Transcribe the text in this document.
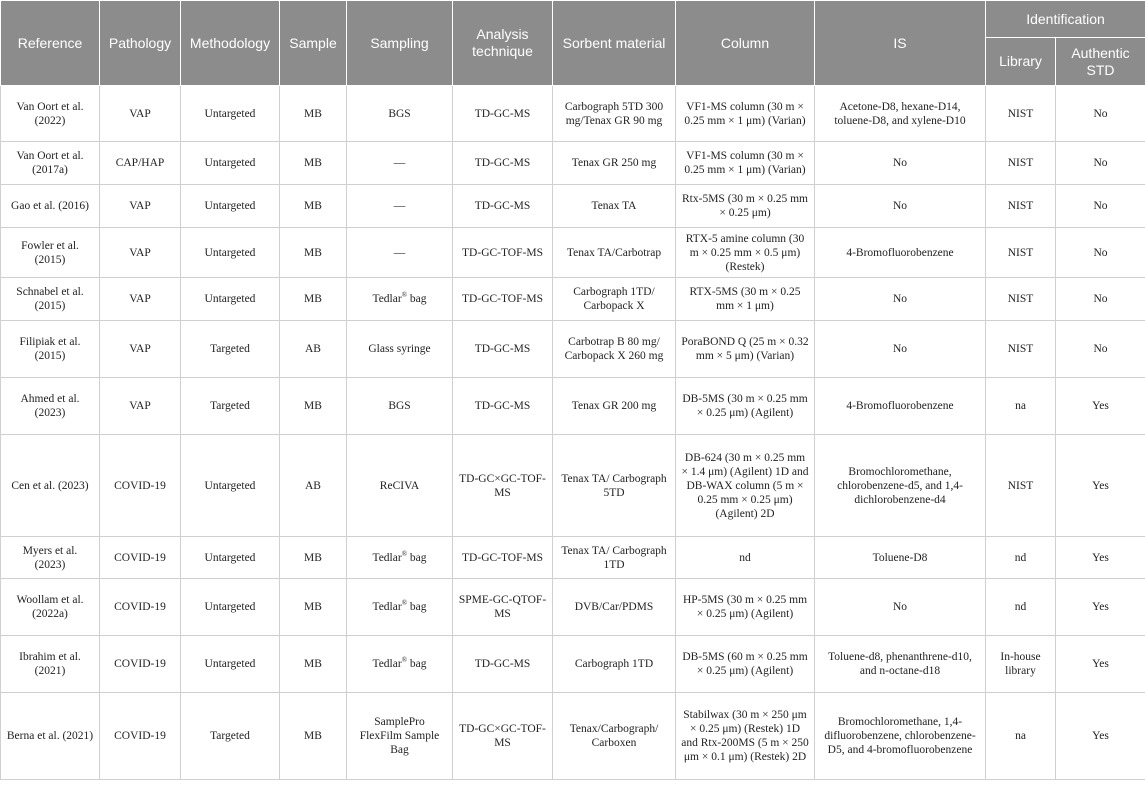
Reference	Pathology	Methodology	Sample	Sampling	Analysis technique	Sorbent material	Column	IS	Identification	
									Library	Authentic STD
Van Oort et al. (2022)	VAP	Untargeted	MB	BGS	TD-GC-MS	Carbograph 5TD 300 mg/Tenax GR 90 mg	VF1-MS column (30 m × 0.25 mm × 1 μm) (Varian)	Acetone-D8, hexane-D14, toluene-D8, and xylene-D10	NIST	No
Van Oort et al. (2017a)	CAP/HAP	Untargeted	MB	—	TD-GC-MS	Tenax GR 250 mg	VF1-MS column (30 m × 0.25 mm × 1 μm) (Varian)	No	NIST	No
Gao et al. (2016)	VAP	Untargeted	MB	—	TD-GC-MS	Tenax TA	Rtx-5MS (30 m × 0.25 mm × 0.25 μm)	No	NIST	No
Fowler et al. (2015)	VAP	Untargeted	MB	—	TD-GC-TOF-MS	Tenax TA/Carbotrap	RTX-5 amine column (30 m × 0.25 mm × 0.5 μm) (Restek)	4-Bromofluorobenzene	NIST	No
Schnabel et al. (2015)	VAP	Untargeted	MB	Tedlar® bag	TD-GC-TOF-MS	Carbograph 1TD/ Carbopack X	RTX-5MS (30 m × 0.25 mm × 1 μm)	No	NIST	No
Filipiak et al. (2015)	VAP	Targeted	AB	Glass syringe	TD-GC-MS	Carbotrap B 80 mg/ Carbopack X 260 mg	PoraBOND Q (25 m × 0.32 mm × 5 μm) (Varian)	No	NIST	No
Ahmed et al. (2023)	VAP	Targeted	MB	BGS	TD-GC-MS	Tenax GR 200 mg	DB-5MS (30 m × 0.25 mm × 0.25 μm) (Agilent)	4-Bromofluorobenzene	na	Yes
Cen et al. (2023)	COVID-19	Untargeted	AB	ReCIVA	TD-GC×GC-TOF-MS	Tenax TA/ Carbograph 5TD	DB-624 (30 m × 0.25 mm × 1.4 μm) (Agilent) 1D and DB-WAX column (5 m × 0.25 mm × 0.25 μm) (Agilent) 2D	Bromochloromethane, chlorobenzene-d5, and 1,4-dichlorobenzene-d4	NIST	Yes
Myers et al. (2023)	COVID-19	Untargeted	MB	Tedlar® bag	TD-GC-TOF-MS	Tenax TA/ Carbograph 1TD	nd	Toluene-D8	nd	Yes
Woollam et al. (2022a)	COVID-19	Untargeted	MB	Tedlar® bag	SPME-GC-QTOF-MS	DVB/Car/PDMS	HP-5MS (30 m × 0.25 mm × 0.25 μm) (Agilent)	No	nd	Yes
Ibrahim et al. (2021)	COVID-19	Untargeted	MB	Tedlar® bag	TD-GC-MS	Carbograph 1TD	DB-5MS (60 m × 0.25 mm × 0.25 μm) (Agilent)	Toluene-d8, phenanthrene-d10, and n-octane-d18	In-house library	Yes
Berna et al. (2021)	COVID-19	Targeted	MB	SamplePro FlexFilm Sample Bag	TD-GC×GC-TOF-MS	Tenax/Carbograph/ Carboxen	Stabilwax (30 m × 250 μm × 0.25 μm) (Restek) 1D and Rtx-200MS (5 m × 250 μm × 0.1 μm) (Restek) 2D	Bromochloromethane, 1,4-difluorobenzene, chlorobenzene-D5, and 4-bromofluorobenzene	na	Yes
